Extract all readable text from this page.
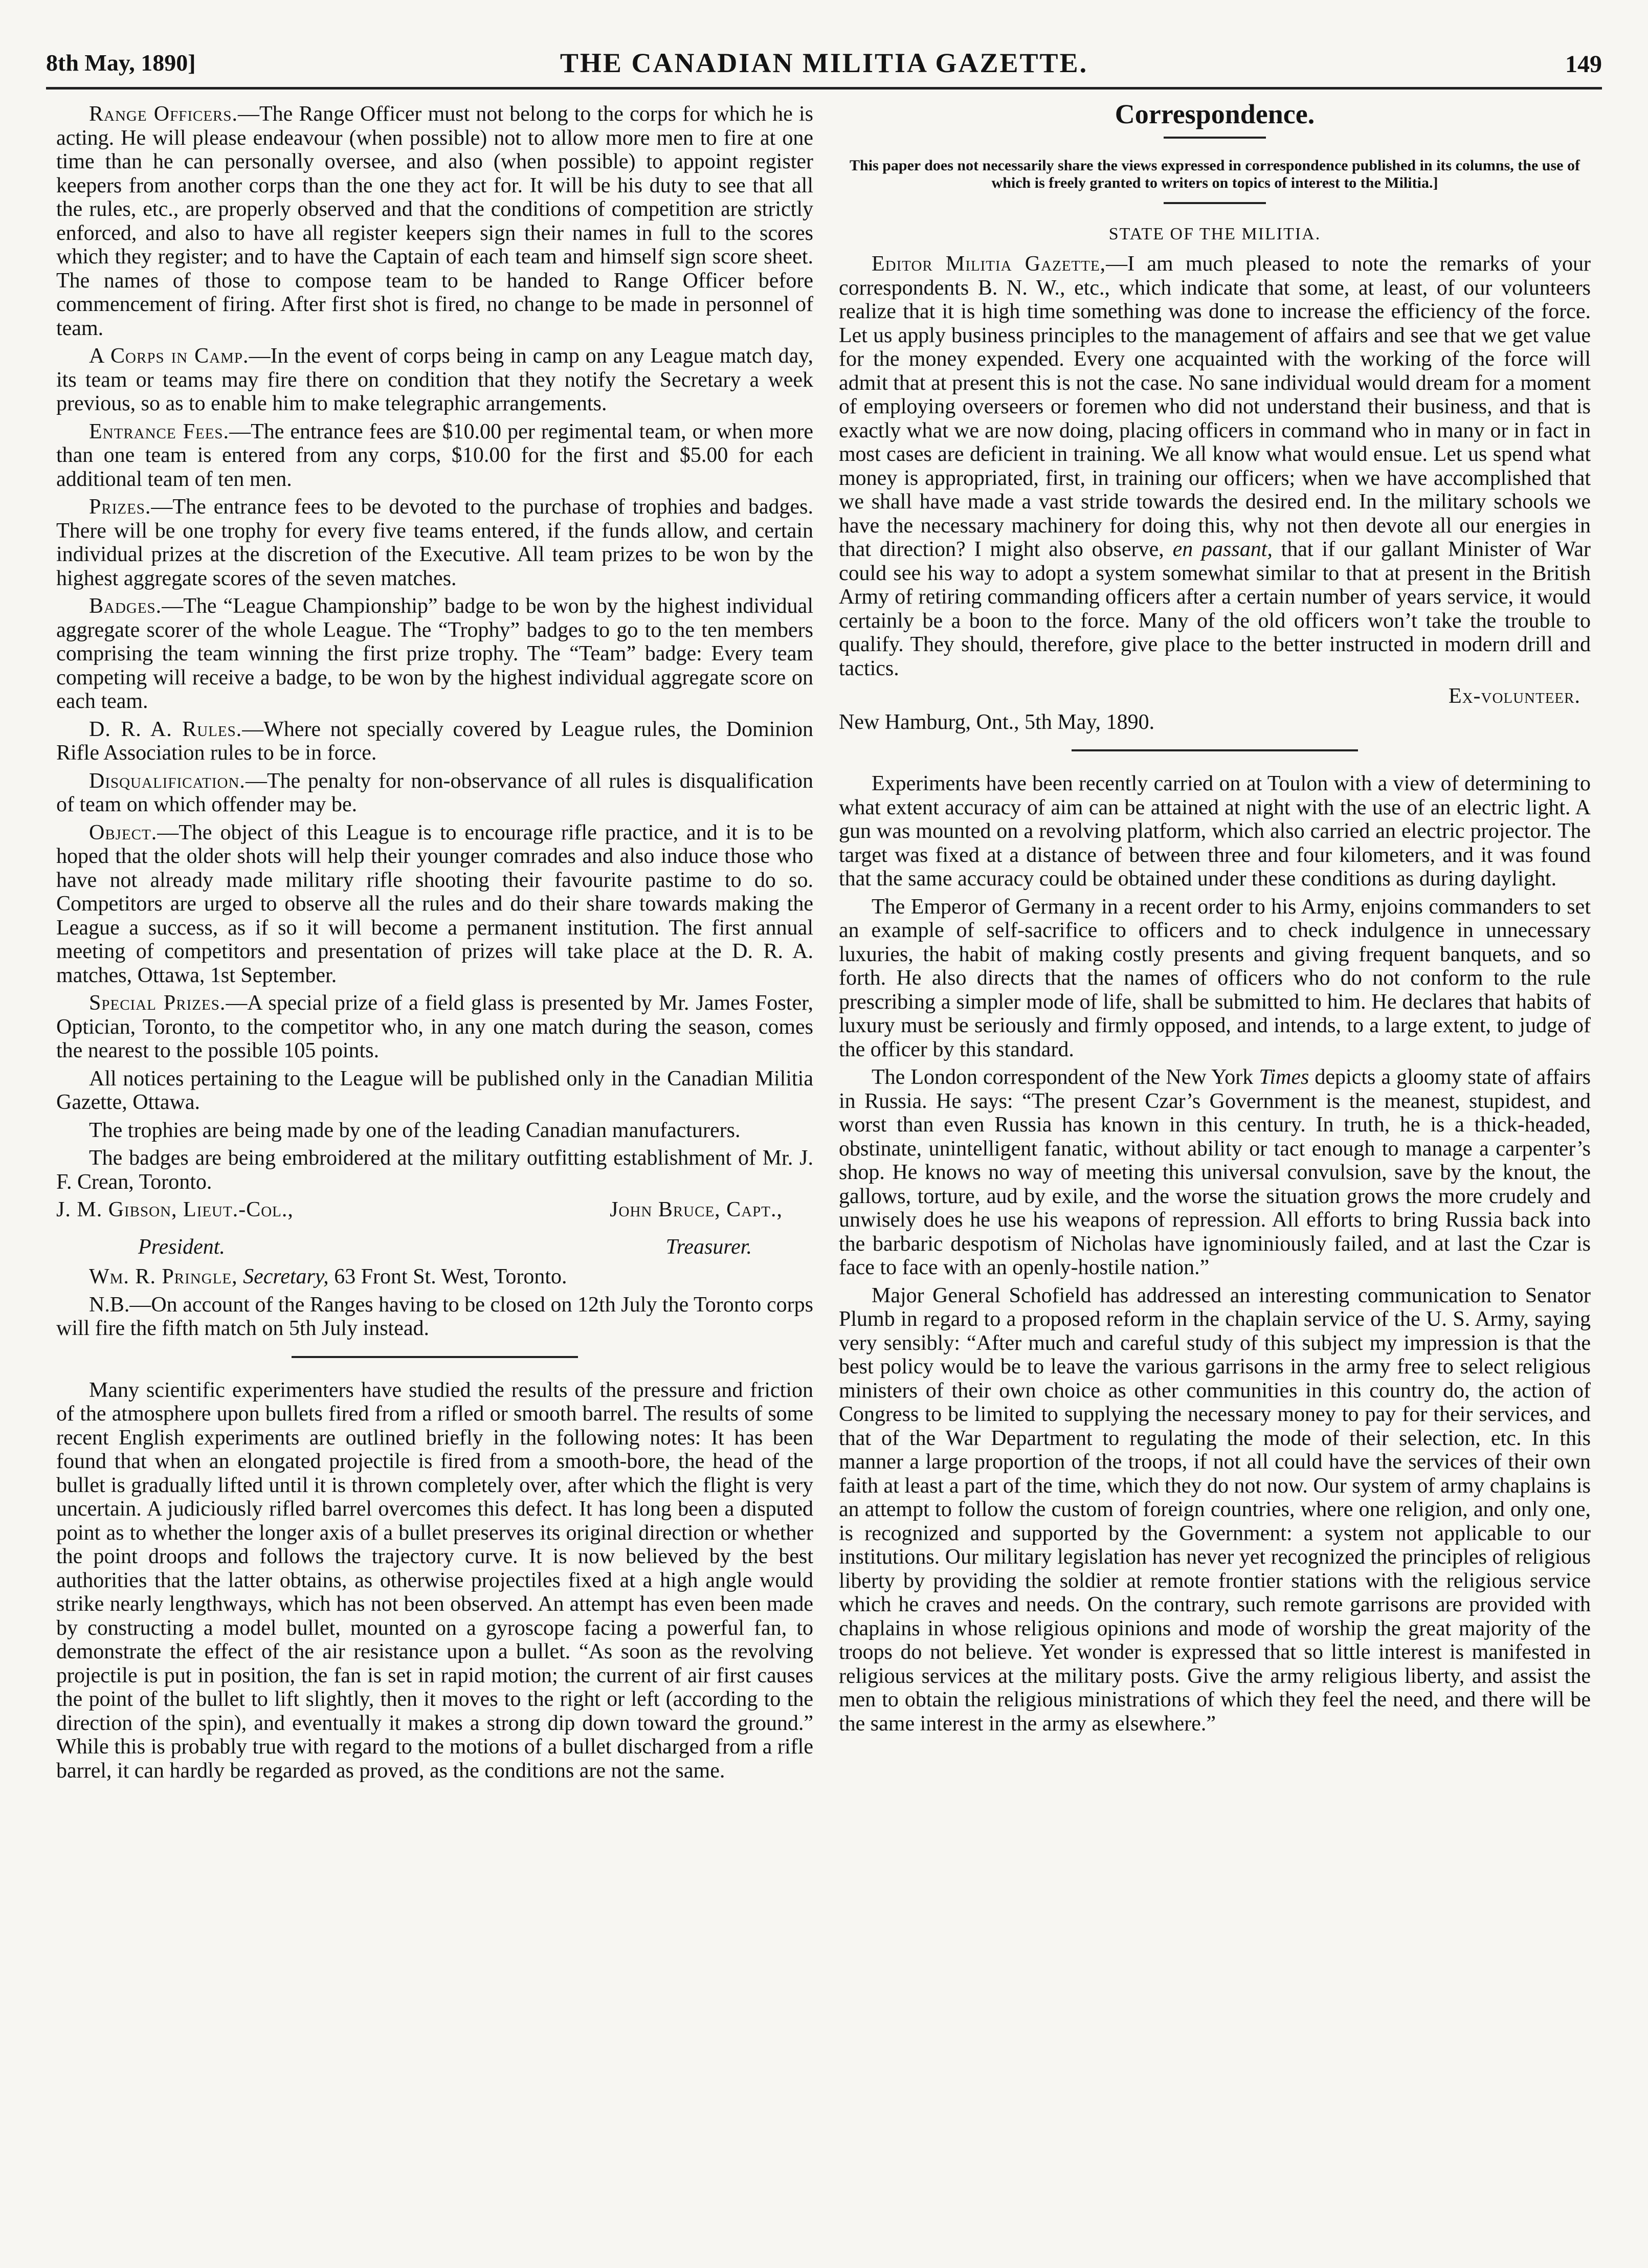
8th May, 1890]	THE CANADIAN MILITIA GAZETTE.	149

Range Officers.—The Range Officer must not belong to the corps for which he is acting. He will please endeavour (when possible) not to allow more men to fire at one time than he can personally oversee, and also (when possible) to appoint register keepers from another corps than the one they act for. It will be his duty to see that all the rules, etc., are properly observed and that the conditions of competition are strictly enforced, and also to have all register keepers sign their names in full to the scores which they register; and to have the Captain of each team and himself sign score sheet. The names of those to compose team to be handed to Range Officer before commencement of firing. After first shot is fired, no change to be made in personnel of team.

A Corps in Camp.—In the event of corps being in camp on any League match day, its team or teams may fire there on condition that they notify the Secretary a week previous, so as to enable him to make telegraphic arrangements.

Entrance Fees.—The entrance fees are $10.00 per regimental team, or when more than one team is entered from any corps, $10.00 for the first and $5.00 for each additional team of ten men.

Prizes.—The entrance fees to be devoted to the purchase of trophies and badges. There will be one trophy for every five teams entered, if the funds allow, and certain individual prizes at the discretion of the Executive. All team prizes to be won by the highest aggregate scores of the seven matches.

Badges.—The “League Championship” badge to be won by the highest individual aggregate scorer of the whole League. The “Trophy” badges to go to the ten members comprising the team winning the first prize trophy. The “Team” badge: Every team competing will receive a badge, to be won by the highest individual aggregate score on each team.

D. R. A. Rules.—Where not specially covered by League rules, the Dominion Rifle Association rules to be in force.

Disqualification.—The penalty for non-observance of all rules is disqualification of team on which offender may be.

Object.—The object of this League is to encourage rifle practice, and it is to be hoped that the older shots will help their younger comrades and also induce those who have not already made military rifle shooting their favourite pastime to do so. Competitors are urged to observe all the rules and do their share towards making the League a success, as if so it will become a permanent institution. The first annual meeting of competitors and presentation of prizes will take place at the D. R. A. matches, Ottawa, 1st September.

Special Prizes.—A special prize of a field glass is presented by Mr. James Foster, Optician, Toronto, to the competitor who, in any one match during the season, comes the nearest to the possible 105 points.

All notices pertaining to the League will be published only in the Canadian Militia Gazette, Ottawa.

The trophies are being made by one of the leading Canadian manufacturers.

The badges are being embroidered at the military outfitting establishment of Mr. J. F. Crean, Toronto.

J. M. Gibson, Lieut.-Col.,	John Bruce, Capt.,
President.	Treasurer.

Wm. R. Pringle, Secretary, 63 Front St. West, Toronto.

N.B.—On account of the Ranges having to be closed on 12th July the Toronto corps will fire the fifth match on 5th July instead.

Many scientific experimenters have studied the results of the pressure and friction of the atmosphere upon bullets fired from a rifled or smooth barrel. The results of some recent English experiments are outlined briefly in the following notes: It has been found that when an elongated projectile is fired from a smooth-bore, the head of the bullet is gradually lifted until it is thrown completely over, after which the flight is very uncertain. A judiciously rifled barrel overcomes this defect. It has long been a disputed point as to whether the longer axis of a bullet preserves its original direction or whether the point droops and follows the trajectory curve. It is now believed by the best authorities that the latter obtains, as otherwise projectiles fixed at a high angle would strike nearly lengthways, which has not been observed. An attempt has even been made by constructing a model bullet, mounted on a gyroscope facing a powerful fan, to demonstrate the effect of the air resistance upon a bullet. “As soon as the revolving projectile is put in position, the fan is set in rapid motion; the current of air first causes the point of the bullet to lift slightly, then it moves to the right or left (according to the direction of the spin), and eventually it makes a strong dip down toward the ground.” While this is probably true with regard to the motions of a bullet discharged from a rifle barrel, it can hardly be regarded as proved, as the conditions are not the same.

Correspondence.
This paper does not necessarily share the views expressed in correspondence published in its columns, the use of which is freely granted to writers on topics of interest to the Militia.]
STATE OF THE MILITIA.

Editor Militia Gazette,—I am much pleased to note the remarks of your correspondents B. N. W., etc., which indicate that some, at least, of our volunteers realize that it is high time something was done to increase the efficiency of the force. Let us apply business principles to the management of affairs and see that we get value for the money expended. Every one acquainted with the working of the force will admit that at present this is not the case. No sane individual would dream for a moment of employing overseers or foremen who did not understand their business, and that is exactly what we are now doing, placing officers in command who in many or in fact in most cases are deficient in training. We all know what would ensue. Let us spend what money is appropriated, first, in training our officers; when we have accomplished that we shall have made a vast stride towards the desired end. In the military schools we have the necessary machinery for doing this, why not then devote all our energies in that direction? I might also observe, en passant, that if our gallant Minister of War could see his way to adopt a system somewhat similar to that at present in the British Army of retiring commanding officers after a certain number of years service, it would certainly be a boon to the force. Many of the old officers won’t take the trouble to qualify. They should, therefore, give place to the better instructed in modern drill and tactics.

Ex-volunteer.
New Hamburg, Ont., 5th May, 1890.

Experiments have been recently carried on at Toulon with a view of determining to what extent accuracy of aim can be attained at night with the use of an electric light. A gun was mounted on a revolving platform, which also carried an electric projector. The target was fixed at a distance of between three and four kilometers, and it was found that the same accuracy could be obtained under these conditions as during daylight.

The Emperor of Germany in a recent order to his Army, enjoins commanders to set an example of self-sacrifice to officers and to check indulgence in unnecessary luxuries, the habit of making costly presents and giving frequent banquets, and so forth. He also directs that the names of officers who do not conform to the rule prescribing a simpler mode of life, shall be submitted to him. He declares that habits of luxury must be seriously and firmly opposed, and intends, to a large extent, to judge of the officer by this standard.

The London correspondent of the New York Times depicts a gloomy state of affairs in Russia. He says: “The present Czar’s Government is the meanest, stupidest, and worst than even Russia has known in this century. In truth, he is a thick-headed, obstinate, unintelligent fanatic, without ability or tact enough to manage a carpenter’s shop. He knows no way of meeting this universal convulsion, save by the knout, the gallows, torture, aud by exile, and the worse the situation grows the more crudely and unwisely does he use his weapons of repression. All efforts to bring Russia back into the barbaric despotism of Nicholas have ignominiously failed, and at last the Czar is face to face with an openly-hostile nation.”

Major General Schofield has addressed an interesting communication to Senator Plumb in regard to a proposed reform in the chaplain service of the U. S. Army, saying very sensibly: “After much and careful study of this subject my impression is that the best policy would be to leave the various garrisons in the army free to select religious ministers of their own choice as other communities in this country do, the action of Congress to be limited to supplying the necessary money to pay for their services, and that of the War Department to regulating the mode of their selection, etc. In this manner a large proportion of the troops, if not all could have the services of their own faith at least a part of the time, which they do not now. Our system of army chaplains is an attempt to follow the custom of foreign countries, where one religion, and only one, is recognized and supported by the Government: a system not applicable to our institutions. Our military legislation has never yet recognized the principles of religious liberty by providing the soldier at remote frontier stations with the religious service which he craves and needs. On the contrary, such remote garrisons are provided with chaplains in whose religious opinions and mode of worship the great majority of the troops do not believe. Yet wonder is expressed that so little interest is manifested in religious services at the military posts. Give the army religious liberty, and assist the men to obtain the religious ministrations of which they feel the need, and there will be the same interest in the army as elsewhere.”
